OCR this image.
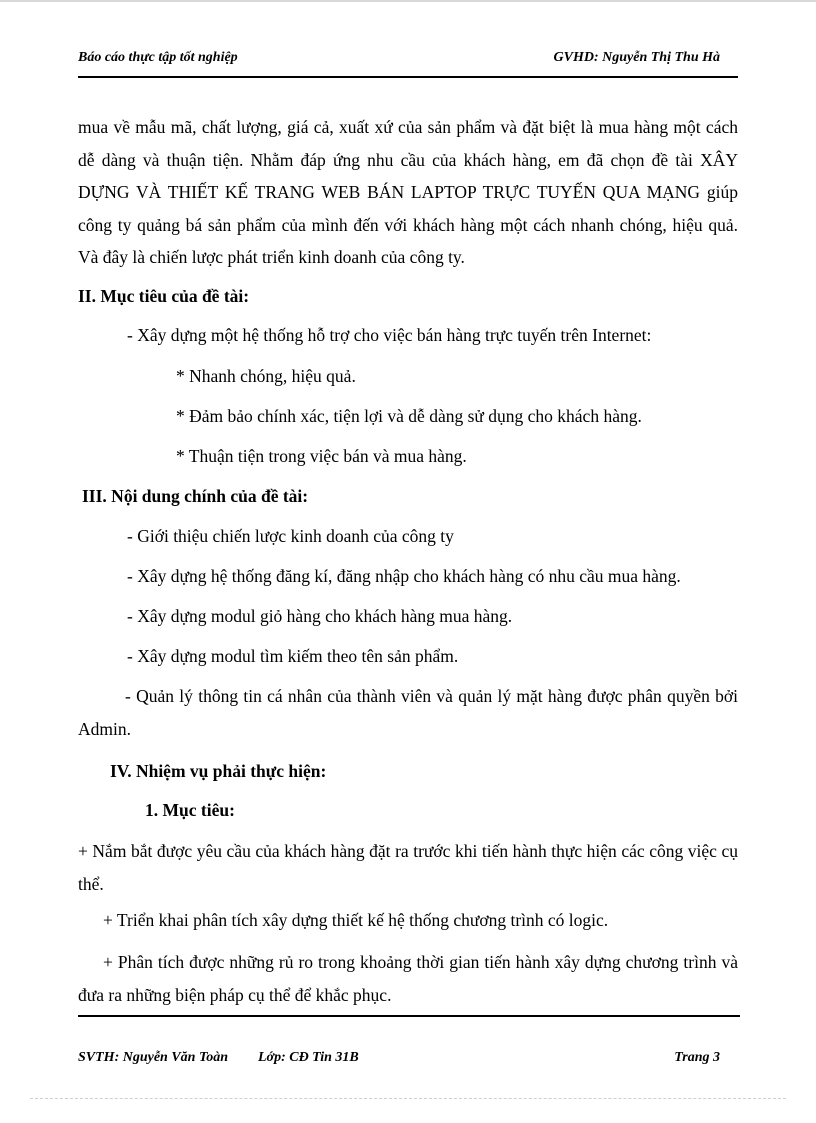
Báo cáo thực tập tốt nghiệp	GVHD: Nguyễn Thị Thu Hà
mua về mẫu mã, chất lượng, giá cả, xuất xứ của sản phẩm và đặt biệt là mua hàng một cách dễ dàng và thuận tiện. Nhằm đáp ứng nhu cầu của khách hàng, em đã chọn đề tài XÂY DỰNG VÀ THIẾT KẾ TRANG WEB BÁN LAPTOP TRỰC TUYẾN QUA MẠNG giúp công ty quảng bá sản phẩm của mình đến với khách hàng một cách nhanh chóng, hiệu quả. Và đây là chiến lược phát triển kinh doanh của công ty.
II. Mục tiêu của đề tài:
- Xây dựng một hệ thống hỗ trợ cho việc bán hàng trực tuyến trên Internet:
* Nhanh chóng, hiệu quả.
* Đảm bảo chính xác, tiện lợi và dễ dàng sử dụng cho khách hàng.
* Thuận tiện trong việc bán và mua hàng.
III. Nội dung chính của đề tài:
- Giới thiệu chiến lược kinh doanh của công ty
- Xây dựng hệ thống đăng kí, đăng nhập cho khách hàng có nhu cầu mua hàng.
- Xây dựng modul giỏ hàng cho khách hàng mua hàng.
- Xây dựng modul tìm kiếm theo tên sản phẩm.
- Quản lý thông tin cá nhân của thành viên và quản lý mặt hàng được phân quyền bởi Admin.
IV. Nhiệm vụ phải thực hiện:
1. Mục tiêu:
+ Nắm bắt được yêu cầu của khách hàng đặt ra trước khi tiến hành thực hiện các công việc cụ thể.
+ Triển khai phân tích xây dựng thiết kế hệ thống chương trình có logic.
+ Phân tích được những rủ ro trong khoảng thời gian tiến hành xây dựng chương trình và đưa ra những biện pháp cụ thể để khắc phục.
SVTH: Nguyễn Văn Toàn Lớp: CĐ Tin 31B	Trang 3
